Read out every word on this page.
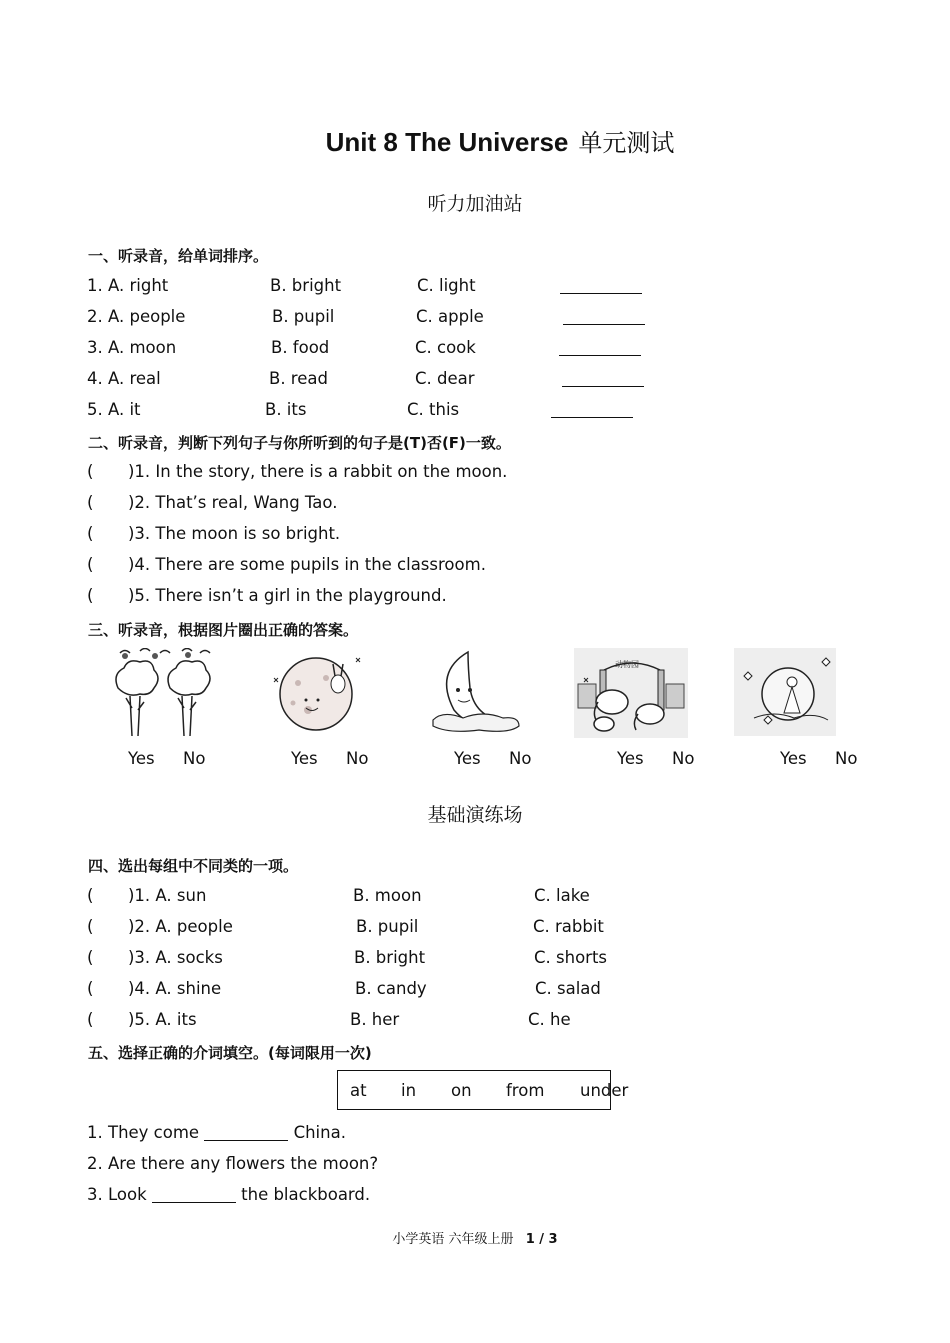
Unit 8 The Universe 单元测试
听力加油站
一、听录音，给单词排序。
1. A. right	B. bright	C. light
2. A. people	B. pupil	C. apple
3. A. moon	B. food	C. cook
4. A. real	B. read	C. dear
5. A. it	B. its	C. this
二、听录音，判断下列句子与你所听到的句子是(T)否(F)一致。
( )1. In the story, there is a rabbit on the moon.
( )2. That’s real, Wang Tao.
( )3. The moon is so bright.
( )4. There are some pupils in the classroom.
( )5. There isn’t a girl in the playground.
三、听录音，根据图片圈出正确的答案。
动物园
Yes No	Yes No	Yes No	Yes No	Yes No
基础演练场
四、选出每组中不同类的一项。
( )1. A. sun	B. moon	C. lake
( )2. A. people	B. pupil	C. rabbit
( )3. A. socks	B. bright	C. shorts
( )4. A. shine	B. candy	C. salad
( )5. A. its	B. her	C. he
五、选择正确的介词填空。(每词限用一次)
at in on from under
1. They come	China.
2. Are there any flowers the moon?
3. Look	the blackboard.
小学英语 六年级上册 1 / 3
